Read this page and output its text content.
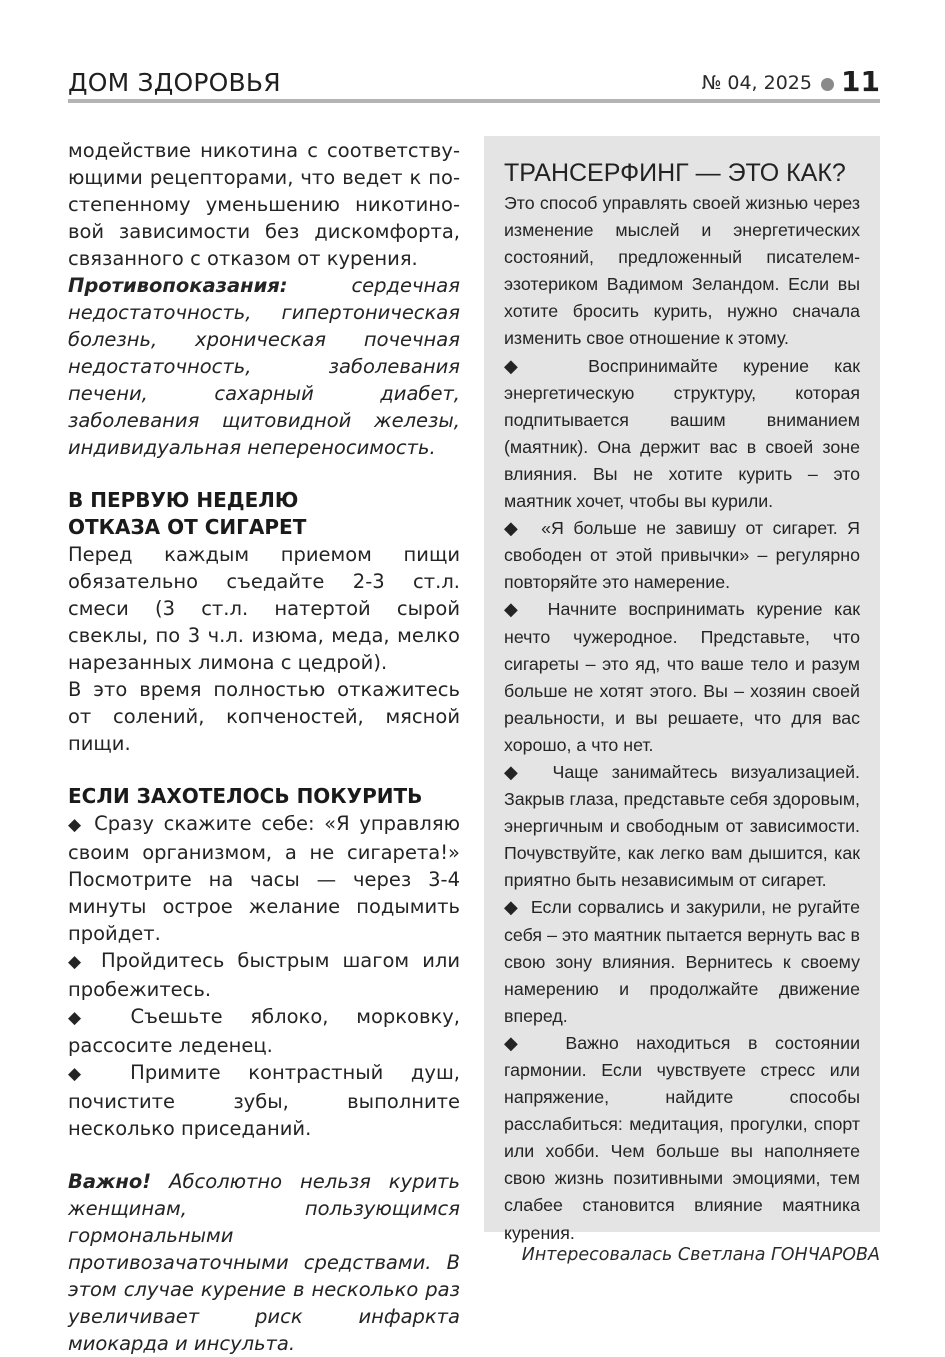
ДОМ ЗДОРОВЬЯ	№ 04, 2025 11

модействие никотина с соответству-ющими рецепторами, что ведет к по-степенному уменьшению никотино-вой зависимости без дискомфорта, связанного с отказом от курения.

Противопоказания: сердечная недостаточность, гипертоническая болезнь, хроническая почечная недостаточность, заболевания печени, сахарный диабет, заболевания щитовидной железы, индивидуальная непереносимость.

В ПЕРВУЮ НЕДЕЛЮ
ОТКАЗА ОТ СИГАРЕТ

Перед каждым приемом пищи обязательно съедайте 2-3 ст.л. смеси (3 ст.л. натертой сырой свеклы, по 3 ч.л. изюма, меда, мелко нарезанных лимона с цедрой).

В это время полностью откажитесь от солений, копченостей, мясной пищи.

ЕСЛИ ЗАХОТЕЛОСЬ ПОКУРИТЬ

◆ Сразу скажите себе: «Я управляю своим организмом, а не сигарета!» Посмотрите на часы — через 3-4 минуты острое желание подымить пройдет.

◆ Пройдитесь быстрым шагом или пробежитесь.

◆ Съешьте яблоко, морковку, рассосите леденец.

◆ Примите контрастный душ, почистите зубы, выполните несколько приседаний.

Важно! Абсолютно нельзя курить женщинам, пользующимся гормональными противозачаточными средствами. В этом случае курение в несколько раз увеличивает риск инфаркта миокарда и инсульта.

ТРАНСЕРФИНГ — ЭТО КАК?

Это способ управлять своей жизнью через изменение мыслей и энергетических состояний, предложенный писателем-эзотериком Вадимом Зеландом. Если вы хотите бросить курить, нужно сначала изменить свое отношение к этому.

◆	Воспринимайте курение как энергетическую структуру, которая подпитывается вашим вниманием (маятник). Она держит вас в своей зоне влияния. Вы не хотите курить – это маятник хочет, чтобы вы курили.

◆ «Я больше не завишу от сигарет. Я свободен от этой привычки» – регулярно повторяйте это намерение.

◆ Начните воспринимать курение как нечто чужеродное. Представьте, что сигареты – это яд, что ваше тело и разум больше не хотят этого. Вы – хозяин своей реальности, и вы решаете, что для вас хорошо, а что нет.

◆ Чаще занимайтесь визуализацией. Закрыв глаза, представьте себя здоровым, энергичным и свободным от зависимости. Почувствуйте, как легко вам дышится, как приятно быть независимым от сигарет.

◆ Если сорвались и закурили, не ругайте себя – это маятник пытается вернуть вас в свою зону влияния. Вернитесь к своему намерению и продолжайте движение вперед.

◆ Важно находиться в состоянии гармонии. Если чувствуете стресс или напряжение, найдите способы расслабиться: медитация, прогулки, спорт или хобби. Чем больше вы наполняете свою жизнь позитивными эмоциями, тем слабее становится влияние маятника курения.

Интересовалась Светлана ГОНЧАРОВА
